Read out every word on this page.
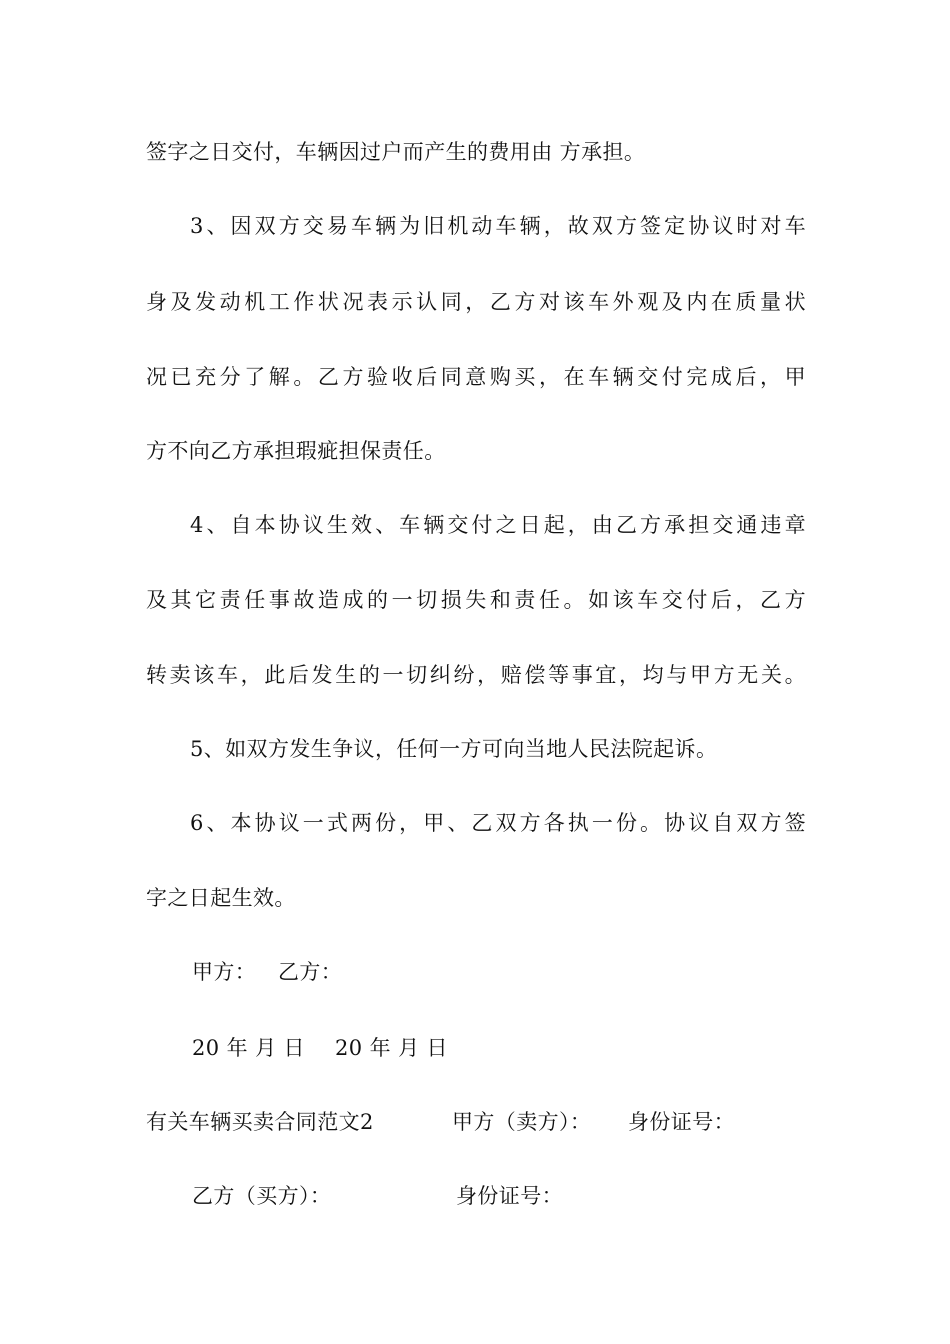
签字之日交付，车辆因过户而产生的费用由 方承担。
3、因双方交易车辆为旧机动车辆，故双方签定协议时对车
身及发动机工作状况表示认同，乙方对该车外观及内在质量状
况已充分了解。乙方验收后同意购买，在车辆交付完成后，甲
方不向乙方承担瑕疵担保责任。
4、自本协议生效、车辆交付之日起，由乙方承担交通违章
及其它责任事故造成的一切损失和责任。如该车交付后，乙方
转卖该车，此后发生的一切纠纷，赔偿等事宜，均与甲方无关。
5、如双方发生争议，任何一方可向当地人民法院起诉。
6、本协议一式两份，甲、乙双方各执一份。协议自双方签
字之日起生效。
甲方： 乙方：
20 年 月 日 20 年 月 日
有关车辆买卖合同范文2	甲方（卖方）： 身份证号：
乙方（买方）：	身份证号：
